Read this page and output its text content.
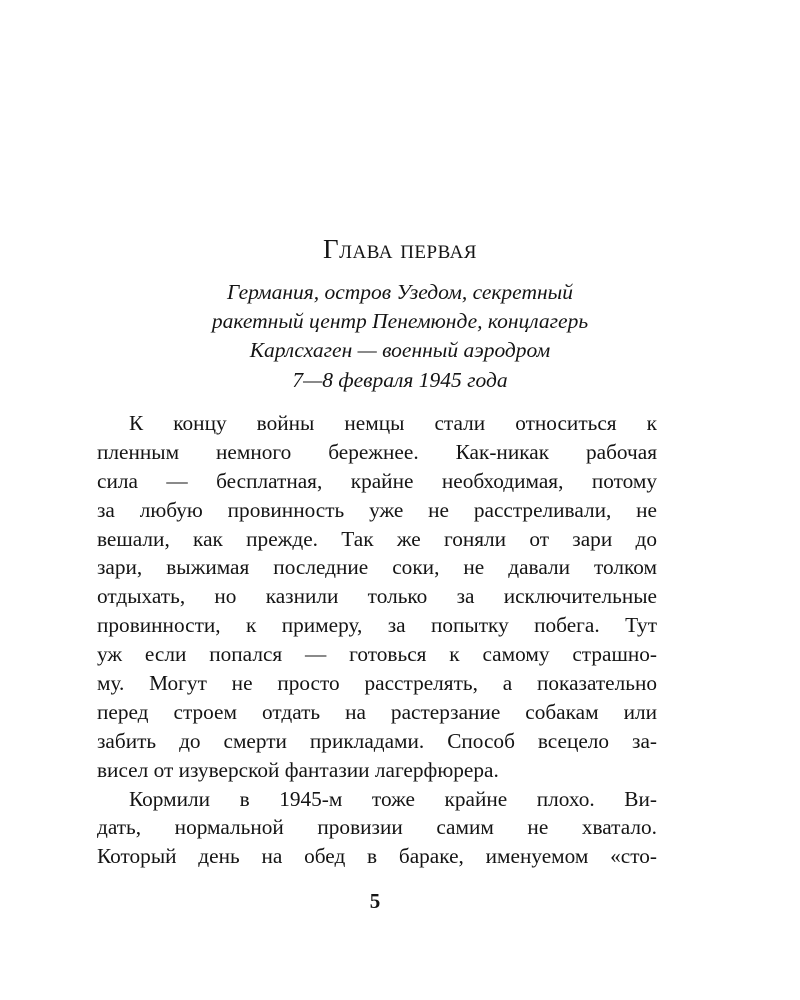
Глава первая
Германия, остров Узедом, секретный
ракетный центр Пенемюнде, концлагерь
Карлсхаген — военный аэродром
7—8 февраля 1945 года
К концу войны немцы стали относиться к
пленным немного бережнее. Как-никак рабочая
сила — бесплатная, крайне необходимая, потому
за любую провинность уже не расстреливали, не
вешали, как прежде. Так же гоняли от зари до
зари, выжимая последние соки, не давали толком
отдыхать, но казнили только за исключительные
провинности, к примеру, за попытку побега. Тут
уж если попался — готовься к самому страшно-
му. Могут не просто расстрелять, а показательно
перед строем отдать на растерзание собакам или
забить до смерти прикладами. Способ всецело за-
висел от изуверской фантазии лагерфюрера.
Кормили в 1945-м тоже крайне плохо. Ви-
дать, нормальной провизии самим не хватало.
Который день на обед в бараке, именуемом «сто-
5
